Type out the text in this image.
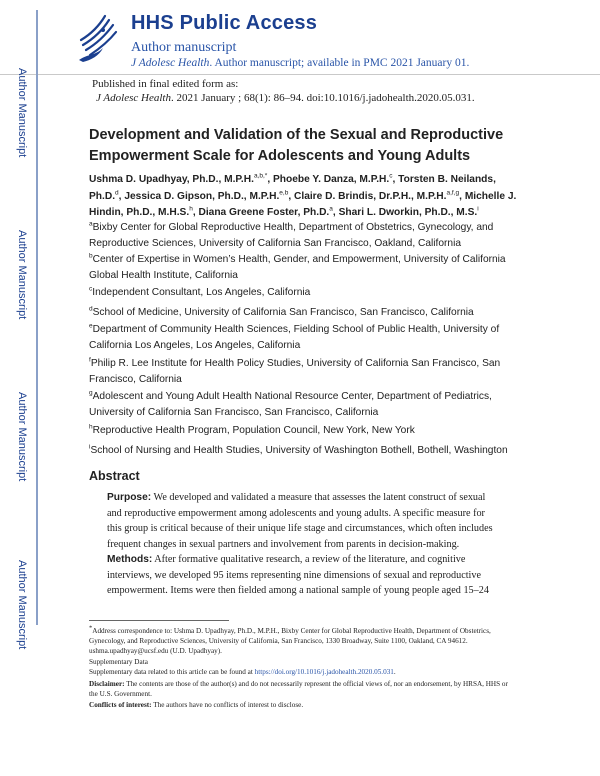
HHS Public Access
Author manuscript
J Adolesc Health. Author manuscript; available in PMC 2021 January 01.
Author Manuscript
Author Manuscript
Author Manuscript
Author Manuscript
Published in final edited form as:
J Adolesc Health. 2021 January ; 68(1): 86–94. doi:10.1016/j.jadohealth.2020.05.031.
Development and Validation of the Sexual and Reproductive Empowerment Scale for Adolescents and Young Adults
Ushma D. Upadhyay, Ph.D., M.P.H.$^{a,b,*}$, Phoebe Y. Danza, M.P.H.$^c$, Torsten B. Neilands, Ph.D.$^d$, Jessica D. Gipson, Ph.D., M.P.H.$^{e,b}$, Claire D. Brindis, Dr.P.H., M.P.H.$^{a,f,g}$, Michelle J. Hindin, Ph.D., M.H.S.$^h$, Diana Greene Foster, Ph.D.$^a$, Shari L. Dworkin, Ph.D., M.S.$^i$
$^a$Bixby Center for Global Reproductive Health, Department of Obstetrics, Gynecology, and Reproductive Sciences, University of California San Francisco, Oakland, California
$^b$Center of Expertise in Women’s Health, Gender, and Empowerment, University of California Global Health Institute, California
$^c$Independent Consultant, Los Angeles, California
$^d$School of Medicine, University of California San Francisco, San Francisco, California
$^e$Department of Community Health Sciences, Fielding School of Public Health, University of California Los Angeles, Los Angeles, California
$^f$Philip R. Lee Institute for Health Policy Studies, University of California San Francisco, San Francisco, California
$^g$Adolescent and Young Adult Health National Resource Center, Department of Pediatrics, University of California San Francisco, San Francisco, California
$^h$Reproductive Health Program, Population Council, New York, New York
$^i$School of Nursing and Health Studies, University of Washington Bothell, Bothell, Washington
Abstract
Purpose: We developed and validated a measure that assesses the latent construct of sexual and reproductive empowerment among adolescents and young adults. A specific measure for this group is critical because of their unique life stage and circumstances, which often includes frequent changes in sexual partners and involvement from parents in decision-making.
Methods: After formative qualitative research, a review of the literature, and cognitive interviews, we developed 95 items representing nine dimensions of sexual and reproductive empowerment. Items were then fielded among a national sample of young people aged 15–24
*Address correspondence to: Ushma D. Upadhyay, Ph.D., M.P.H., Bixby Center for Global Reproductive Health, Department of Obstetrics, Gynecology, and Reproductive Sciences, University of California, San Francisco, 1330 Broadway, Suite 1100, Oakland, CA 94612. ushma.upadhyay@ucsf.edu (U.D. Upadhyay).
Supplementary Data
Supplementary data related to this article can be found at https://doi.org/10.1016/j.jadohealth.2020.05.031.
Disclaimer: The contents are those of the author(s) and do not necessarily represent the official views of, nor an endorsement, by HRSA, HHS or the U.S. Government.
Conflicts of interest: The authors have no conflicts of interest to disclose.
